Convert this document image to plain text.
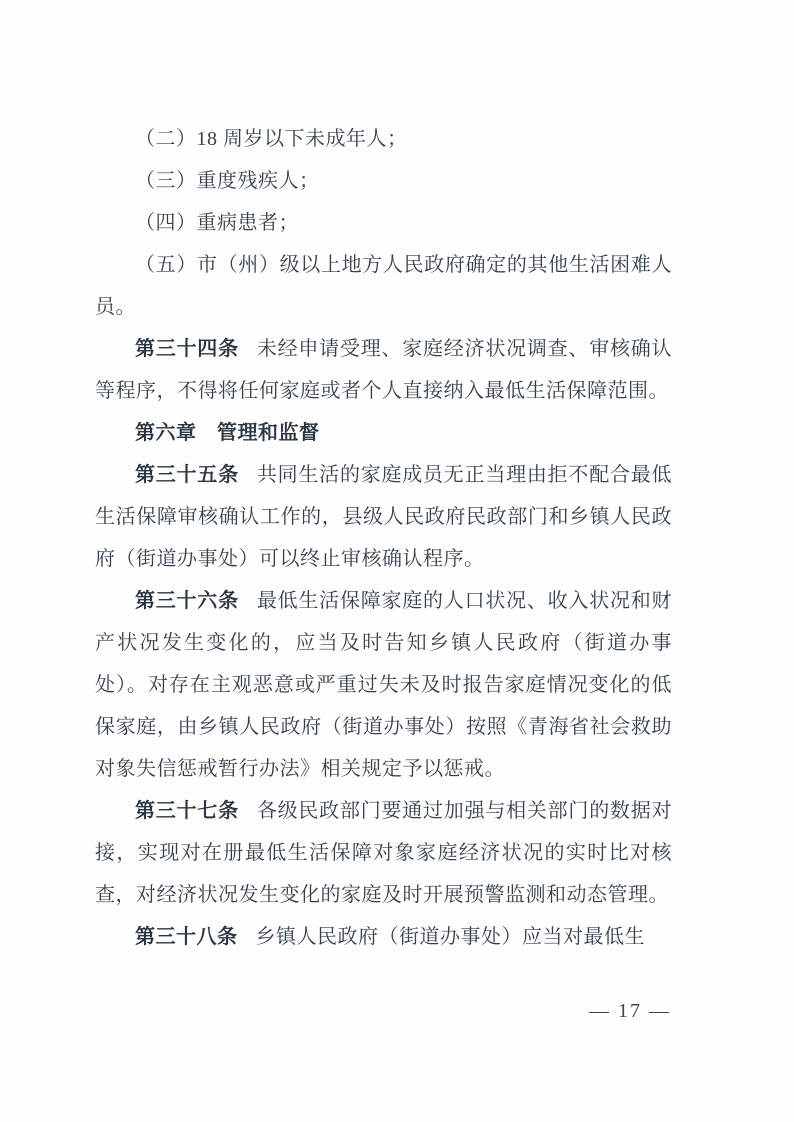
（二）18 周岁以下未成年人；

（三）重度残疾人；

（四）重病患者；

（五）市（州）级以上地方人民政府确定的其他生活困难人员。

第三十四条 未经申请受理、家庭经济状况调查、审核确认等程序，不得将任何家庭或者个人直接纳入最低生活保障范围。

第六章　管理和监督

第三十五条 共同生活的家庭成员无正当理由拒不配合最低生活保障审核确认工作的，县级人民政府民政部门和乡镇人民政府（街道办事处）可以终止审核确认程序。

第三十六条 最低生活保障家庭的人口状况、收入状况和财产状况发生变化的，应当及时告知乡镇人民政府（街道办事处）。对存在主观恶意或严重过失未及时报告家庭情况变化的低保家庭，由乡镇人民政府（街道办事处）按照《青海省社会救助对象失信惩戒暂行办法》相关规定予以惩戒。

第三十七条 各级民政部门要通过加强与相关部门的数据对接，实现对在册最低生活保障对象家庭经济状况的实时比对核查，对经济状况发生变化的家庭及时开展预警监测和动态管理。

第三十八条 乡镇人民政府（街道办事处）应当对最低生

— 17 —
